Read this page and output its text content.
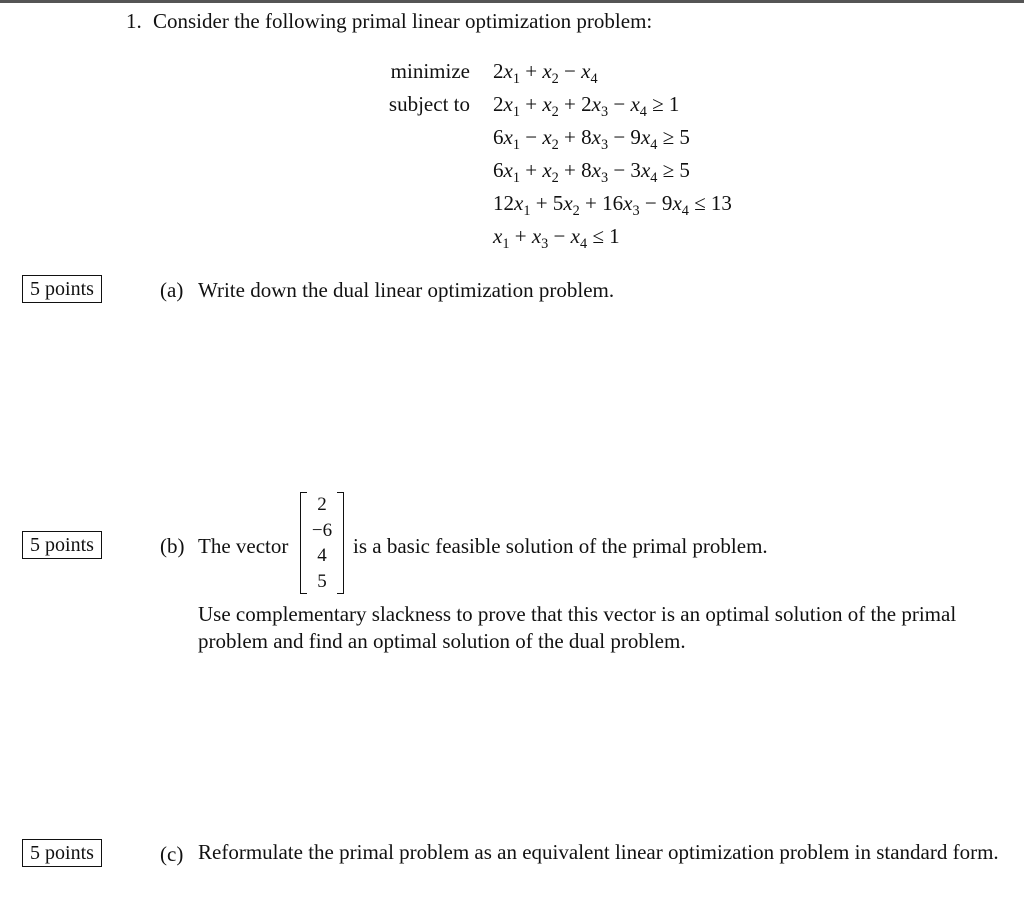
1. Consider the following primal linear optimization problem:
minimize $2x_1 + x_2 - x_4$
subject to $2x_1 + x_2 + 2x_3 - x_4 \ge 1$
$6x_1 - x_2 + 8x_3 - 9x_4 \ge 5$
$6x_1 + x_2 + 8x_3 - 3x_4 \ge 5$
$12x_1 + 5x_2 + 16x_3 - 9x_4 \le 13$
$x_1 + x_3 - x_4 \le 1$
5 points	(a) Write down the dual linear optimization problem.
5 points	(b) The vector
2
−6
4
5
is a basic feasible solution of the primal problem.
Use complementary slackness to prove that this vector is an optimal solution of the primal problem and find an optimal solution of the dual problem.
5 points	(c) Reformulate the primal problem as an equivalent linear optimization problem in standard form.
